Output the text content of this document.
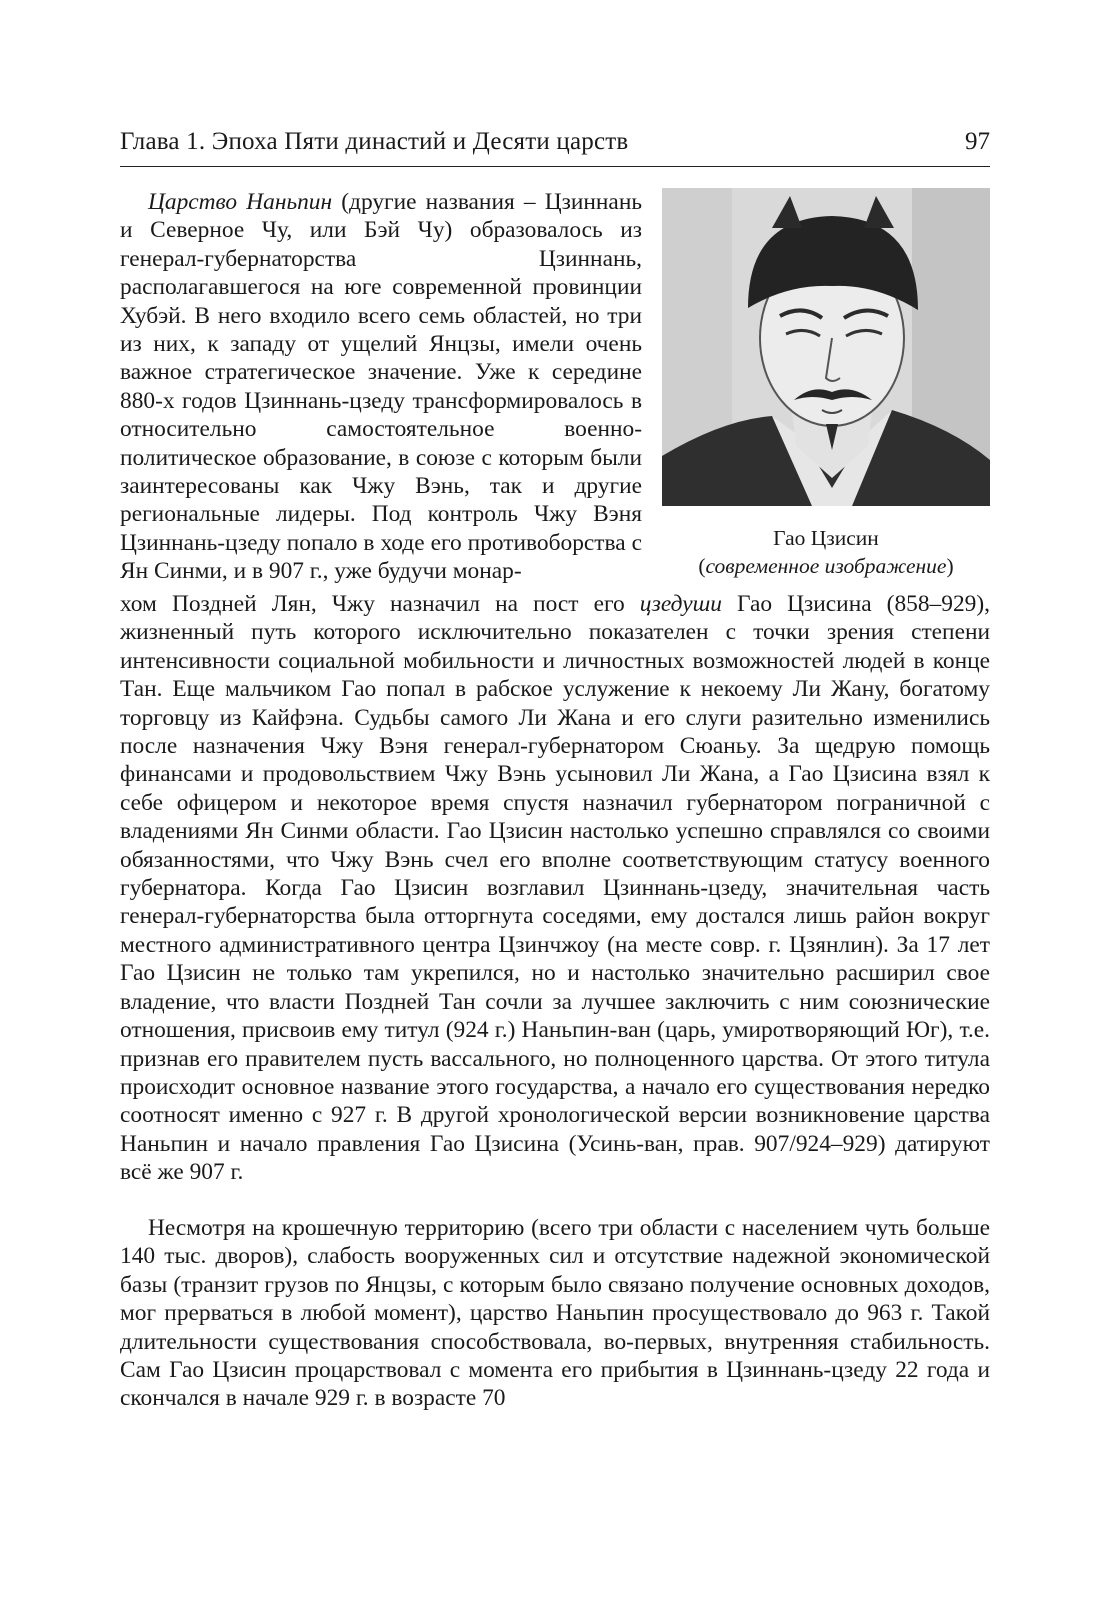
Глава 1. Эпоха Пяти династий и Десяти царств	97
Гао Цзисин
(современное изображение)

Царство Наньпин (другие названия – Цзиннань и Северное Чу, или Бэй Чу) образовалось из генерал-губернаторства Цзиннань, располагавшегося на юге современной провинции Хубэй. В него входило всего семь областей, но три из них, к западу от ущелий Янцзы, имели очень важное стратегическое значение. Уже к середине 880-х годов Цзиннань-цзеду трансформировалось в относительно самостоятельное военно-политическое образование, в союзе с которым были заинтересованы как Чжу Вэнь, так и другие региональные лидеры. Под контроль Чжу Вэня Цзиннань-цзеду попало в ходе его противоборства с Ян Синми, и в 907 г., уже будучи монар-

хом Поздней Лян, Чжу назначил на пост его цзедуши Гао Цзисина (858–929), жизненный путь которого исключительно показателен с точки зрения степени интенсивности социальной мобильности и личностных возможностей людей в конце Тан. Еще мальчиком Гао попал в рабское услужение к некоему Ли Жану, богатому торговцу из Кайфэна. Судьбы самого Ли Жана и его слуги разительно изменились после назначения Чжу Вэня генерал-губернатором Сюаньу. За щедрую помощь финансами и продовольствием Чжу Вэнь усыновил Ли Жана, а Гао Цзисина взял к себе офицером и некоторое время спустя назначил губернатором пограничной с владениями Ян Синми области. Гао Цзисин настолько успешно справлялся со своими обязанностями, что Чжу Вэнь счел его вполне соответствующим статусу военного губернатора. Когда Гао Цзисин возглавил Цзиннань-цзеду, значительная часть генерал-губернаторства была отторгнута соседями, ему достался лишь район вокруг местного административного центра Цзинчжоу (на месте совр. г. Цзянлин). За 17 лет Гао Цзисин не только там укрепился, но и настолько значительно расширил свое владение, что власти Поздней Тан сочли за лучшее заключить с ним союзнические отношения, присвоив ему титул (924 г.) Наньпин-ван (царь, умиротворяющий Юг), т.е. признав его правителем пусть вассального, но полноценного царства. От этого титула происходит основное название этого государства, а начало его существования нередко соотносят именно с 927 г. В другой хронологической версии возникновение царства Наньпин и начало правления Гао Цзисина (Усинь-ван, прав. 907/924–929) датируют всё же 907 г.

Несмотря на крошечную территорию (всего три области с населением чуть больше 140 тыс. дворов), слабость вооруженных сил и отсутствие надежной экономической базы (транзит грузов по Янцзы, с которым было связано получение основных доходов, мог прерваться в любой момент), царство Наньпин просуществовало до 963 г. Такой длительности существования способствовала, во-первых, внутренняя стабильность. Сам Гао Цзисин процарствовал с момента его прибытия в Цзиннань-цзеду 22 года и скончался в начале 929 г. в возрасте 70
